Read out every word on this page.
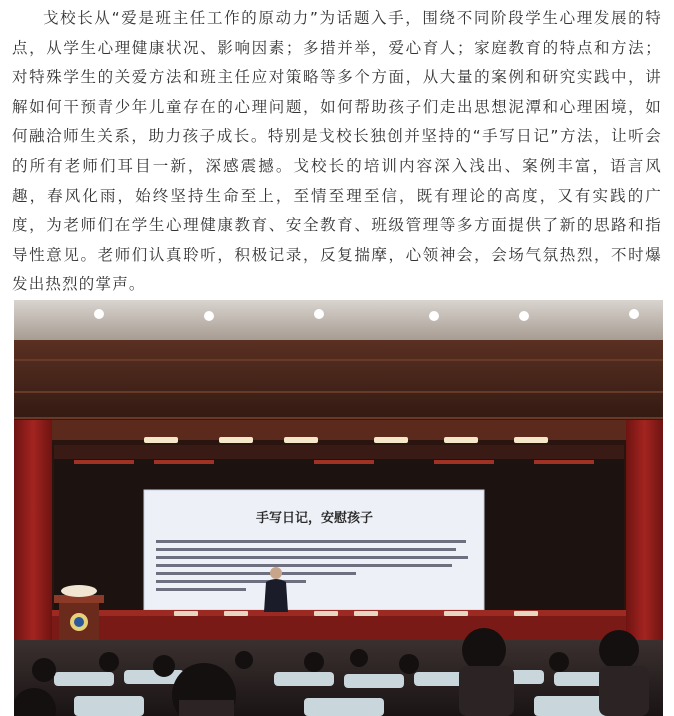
戈校长从“爱是班主任工作的原动力”为话题入手，围绕不同阶段学生心理发展的特点，从学生心理健康状况、影响因素；多措并举，爱心育人；家庭教育的特点和方法；对特殊学生的关爱方法和班主任应对策略等多个方面，从大量的案例和研究实践中，讲解如何干预青少年儿童存在的心理问题，如何帮助孩子们走出思想泥潭和心理困境，如何融洽师生关系，助力孩子成长。特别是戈校长独创并坚持的“手写日记”方法，让听会的所有老师们耳目一新，深感震撼。戈校长的培训内容深入浅出、案例丰富，语言风趣，春风化雨，始终坚持生命至上，至情至理至信，既有理论的高度，又有实践的广度，为老师们在学生心理健康教育、安全教育、班级管理等多方面提供了新的思路和指导性意见。老师们认真聆听，积极记录，反复揣摩，心领神会，会场气氛热烈，不时爆发出热烈的掌声。

手写日记，安慰孩子
